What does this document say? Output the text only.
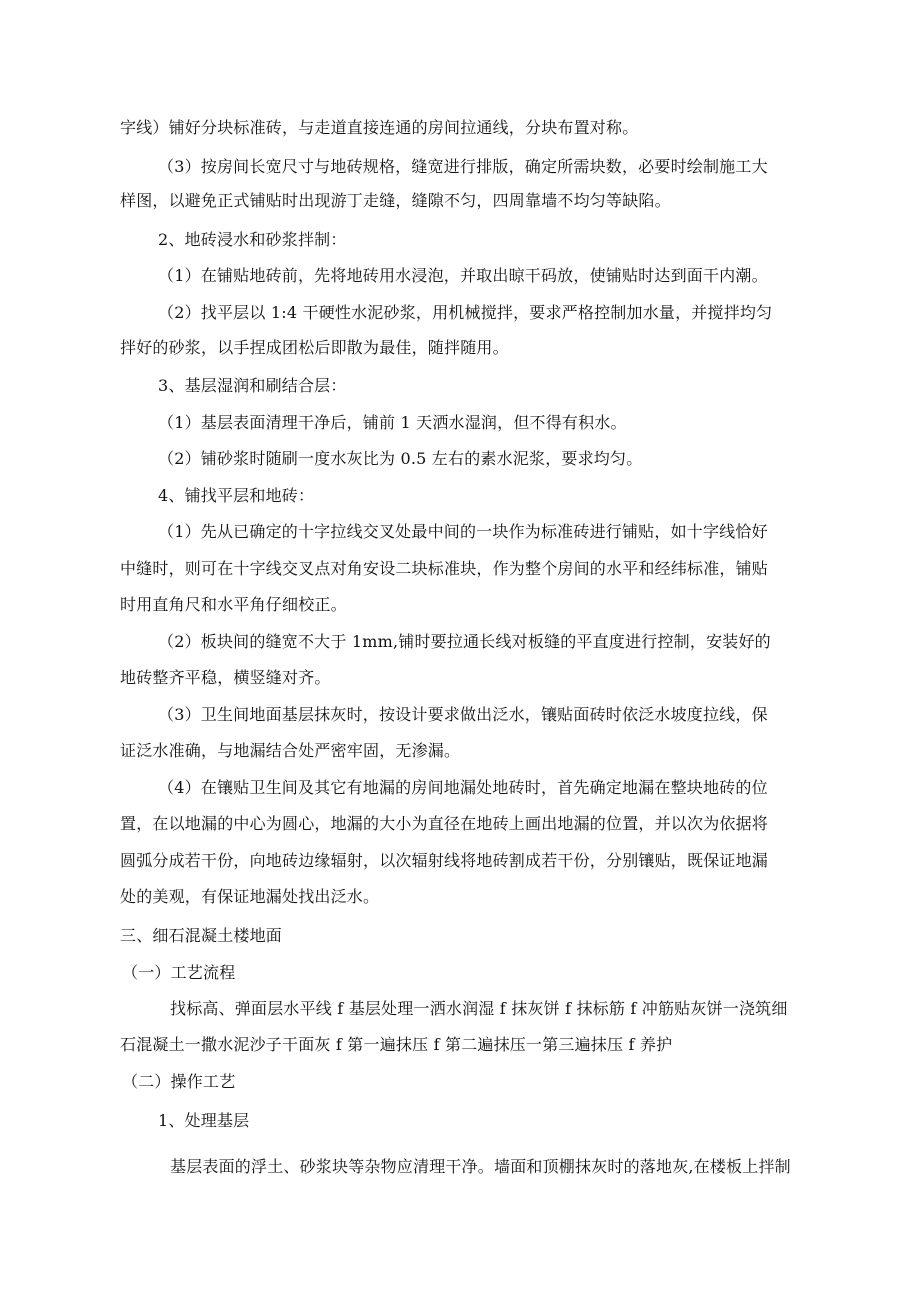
字线）铺好分块标准砖，与走道直接连通的房间拉通线，分块布置对称。
（3）按房间长宽尺寸与地砖规格，缝宽进行排版，确定所需块数，必要时绘制施工大
样图，以避免正式铺贴时出现游丁走缝，缝隙不匀，四周靠墙不均匀等缺陷。
2、地砖浸水和砂浆拌制：
（1）在铺贴地砖前，先将地砖用水浸泡，并取出晾干码放，使铺贴时达到面干内潮。
（2）找平层以 1:4 干硬性水泥砂浆，用机械搅拌，要求严格控制加水量，并搅拌均匀
拌好的砂浆，以手捏成团松后即散为最佳，随拌随用。
3、基层湿润和刷结合层：
（1）基层表面清理干净后，铺前 1 天洒水湿润，但不得有积水。
（2）铺砂浆时随刷一度水灰比为 0.5 左右的素水泥浆，要求均匀。
4、铺找平层和地砖：
（1）先从已确定的十字拉线交叉处最中间的一块作为标准砖进行铺贴，如十字线恰好
中缝时，则可在十字线交叉点对角安设二块标准块，作为整个房间的水平和经纬标准，铺贴
时用直角尺和水平角仔细校正。
（2）板块间的缝宽不大于 1mm,铺时要拉通长线对板缝的平直度进行控制，安装好的
地砖整齐平稳，横竖缝对齐。
（3）卫生间地面基层抹灰时，按设计要求做出泛水，镶贴面砖时依泛水坡度拉线，保
证泛水准确，与地漏结合处严密牢固，无渗漏。
（4）在镶贴卫生间及其它有地漏的房间地漏处地砖时，首先确定地漏在整块地砖的位
置，在以地漏的中心为圆心，地漏的大小为直径在地砖上画出地漏的位置，并以次为依据将
圆弧分成若干份，向地砖边缘辐射，以次辐射线将地砖割成若干份，分别镶贴，既保证地漏
处的美观，有保证地漏处找出泛水。
三、细石混凝土楼地面
（一）工艺流程
找标高、弹面层水平线 f 基层处理一洒水润湿 f 抹灰饼 f 抹标筋 f 冲筋贴灰饼一浇筑细
石混凝土一撒水泥沙子干面灰 f 第一遍抹压 f 第二遍抹压一第三遍抹压 f 养护
（二）操作工艺
1、处理基层
基层表面的浮土、砂浆块等杂物应清理干净。墙面和顶棚抹灰时的落地灰,在楼板上拌制
